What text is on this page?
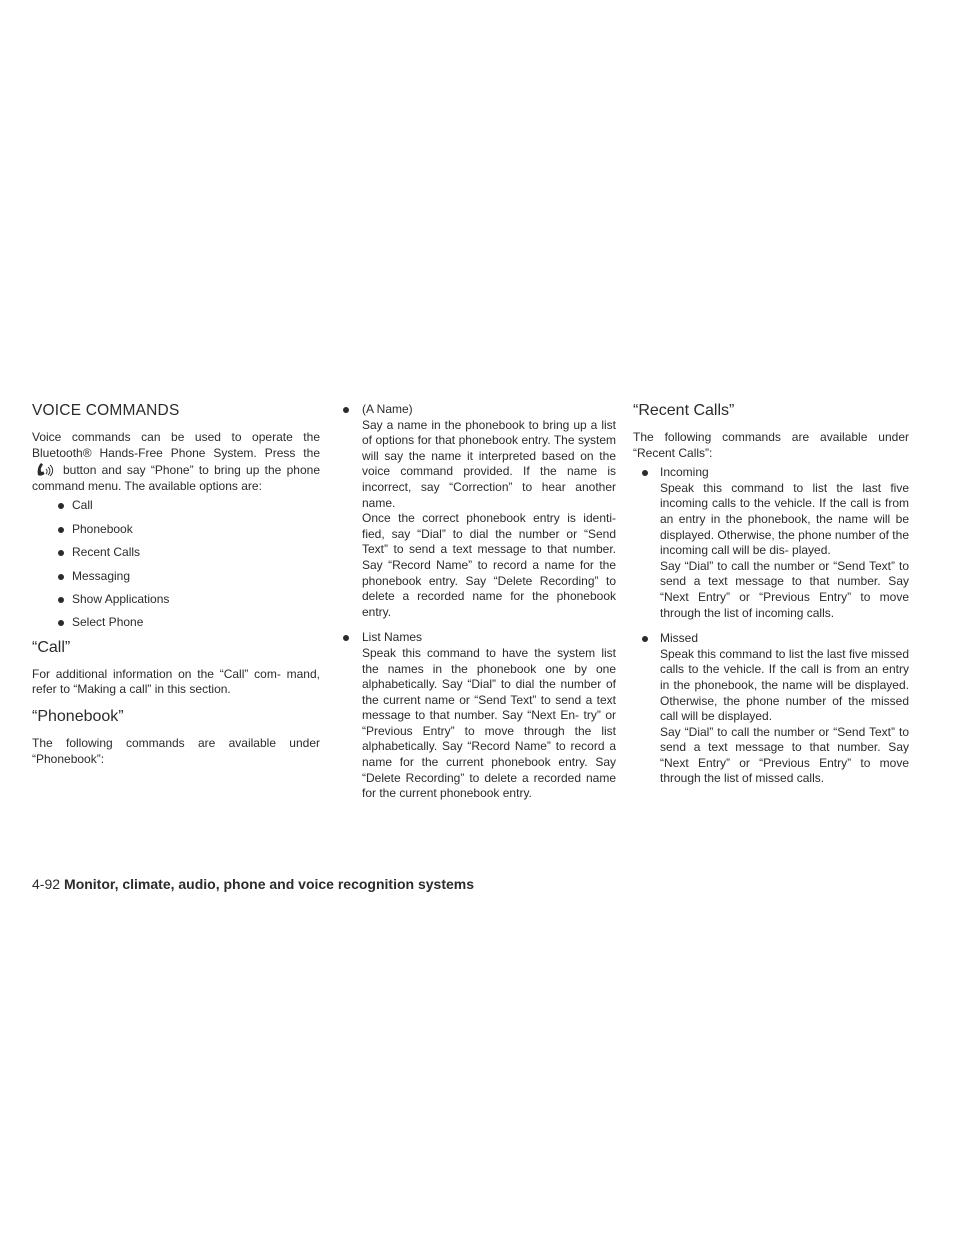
VOICE COMMANDS

Voice commands can be used to operate the Bluetooth® Hands-Free Phone System. Press the button and say “Phone” to bring up the phone command menu. The available options are:

Call
Phonebook
Recent Calls
Messaging
Show Applications
Select Phone
“Call”

For additional information on the “Call” com- mand, refer to “Making a call” in this section.

“Phonebook”

The following commands are available under “Phonebook”:

(A Name)
Say a name in the phonebook to bring up a list of options for that phonebook entry. The system will say the name it interpreted based on the voice command provided. If the name is incorrect, say “Correction” to hear another name.
Once the correct phonebook entry is identi- fied, say “Dial” to dial the number or “Send Text” to send a text message to that number. Say “Record Name” to record a name for the phonebook entry. Say “Delete Recording” to delete a recorded name for the phonebook entry.
List Names
Speak this command to have the system list the names in the phonebook one by one alphabetically. Say “Dial” to dial the number of the current name or “Send Text” to send a text message to that number. Say “Next En- try” or “Previous Entry” to move through the list alphabetically. Say “Record Name” to record a name for the current phonebook entry. Say “Delete Recording” to delete a recorded name for the current phonebook entry.
“Recent Calls”

The following commands are available under “Recent Calls”:

Incoming
Speak this command to list the last five incoming calls to the vehicle. If the call is from an entry in the phonebook, the name will be displayed. Otherwise, the phone number of the incoming call will be dis- played.
Say “Dial” to call the number or “Send Text” to send a text message to that number. Say “Next Entry” or “Previous Entry” to move through the list of incoming calls.
Missed
Speak this command to list the last five missed calls to the vehicle. If the call is from an entry in the phonebook, the name will be displayed. Otherwise, the phone number of the missed call will be displayed.
Say “Dial” to call the number or “Send Text” to send a text message to that number. Say “Next Entry” or “Previous Entry” to move through the list of missed calls.
4-92 Monitor, climate, audio, phone and voice recognition systems
